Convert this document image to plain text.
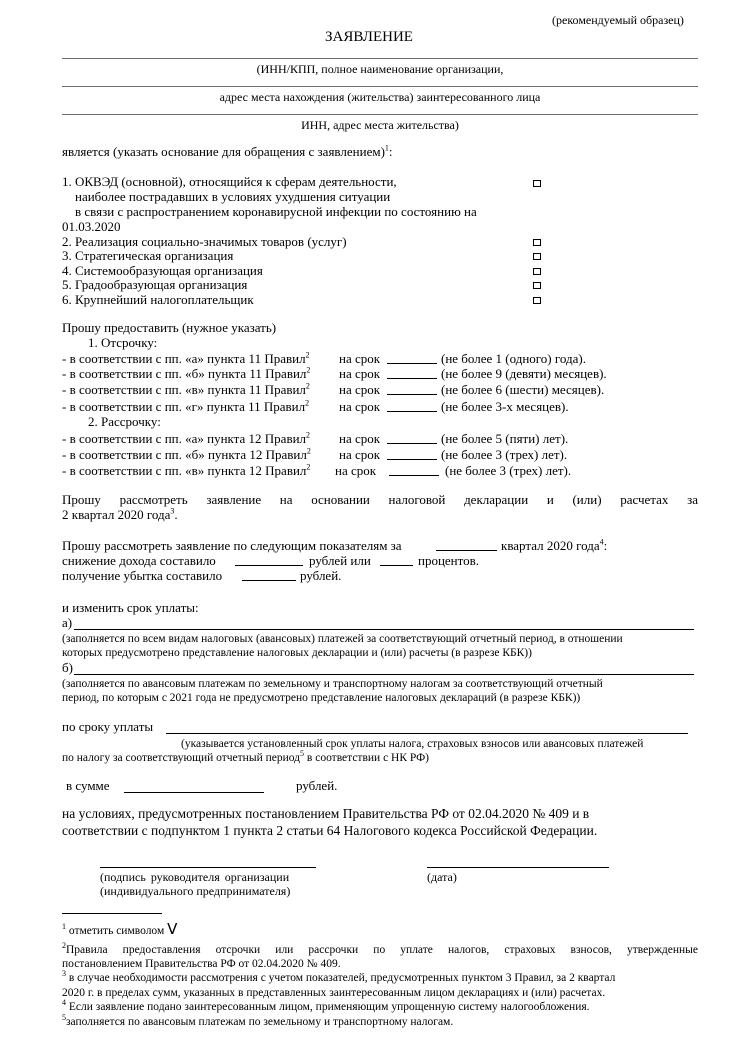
(рекомендуемый образец)
ЗАЯВЛЕНИЕ
(ИНН/КПП, полное наименование организации,
адрес места нахождения (жительства) заинтересованного лица
ИНН, адрес места жительства)
является (указать основание для обращения с заявлением)$^1$:
1. ОКВЭД (основной), относящийся к сферам деятельности,
наиболее пострадавших в условиях ухудшения ситуации
в связи с распространением коронавирусной инфекции по состоянию на
01.03.2020
2. Реализация социально-значимых товаров (услуг)
3. Стратегическая организация
4. Системообразующая организация
5. Градообразующая организация
6. Крупнейший налогоплательщик
Прошу предоставить (нужное указать)
1. Отсрочку:
- в соответствии с пп. «а» пункта 11 Правил$^2$ на срок	(не более 1 (одного) года).
- в соответствии с пп. «б» пункта 11 Правил$^2$ на срок	(не более 9 (девяти) месяцев).
- в соответствии с пп. «в» пункта 11 Правил$^2$ на срок	(не более 6 (шести) месяцев).
- в соответствии с пп. «г» пункта 11 Правил$^2$ на срок	(не более 3-х месяцев).
2. Рассрочку:
- в соответствии с пп. «а» пункта 12 Правил$^2$ на срок	(не более 5 (пяти) лет).
- в соответствии с пп. «б» пункта 12 Правил$^2$ на срок	(не более 3 (трех) лет).
- в соответствии с пп. «в» пункта 12 Правил$^2$ на срок	(не более 3 (трех) лет).
Прошу рассмотреть заявление на основании налоговой декларации и (или) расчетах за
2 квартал 2020 года$^3$.
Прошу рассмотреть заявление по следующим показателям за	квартал 2020 года$^4$:
снижение дохода составило	рублей или	процентов.
получение убытка составило	рублей.
и изменить срок уплаты:
а)
(заполняется по всем видам налоговых (авансовых) платежей за соответствующий отчетный период, в отношении
которых предусмотрено представление налоговых декларации и (или) расчеты (в разрезе КБК))
б)
(заполняется по авансовым платежам по земельному и транспортному налогам за соответствующий отчетный
период, по которым с 2021 года не предусмотрено представление налоговых деклараций (в разрезе КБК))
по сроку уплаты
(указывается установленный срок уплаты налога, страховых взносов или авансовых платежей
по налогу за соответствующий отчетный период$^5$ в соответствии с НК РФ)
в сумме	рублей.
на условиях, предусмотренных постановлением Правительства РФ от 02.04.2020 № 409 и в
соответствии с подпунктом 1 пункта 2 статьи 64 Налогового кодекса Российской Федерации.
(подпись руководителя организации
(индивидуального предпринимателя)
(дата)
$^1$ отметить символом V
$^2$Правила предоставления отсрочки или рассрочки по уплате налогов, страховых взносов, утвержденные
постановлением Правительства РФ от 02.04.2020 № 409.
$^3$ в случае необходимости рассмотрения с учетом показателей, предусмотренных пунктом 3 Правил, за 2 квартал
2020 г. в пределах сумм, указанных в представленных заинтересованным лицом декларациях и (или) расчетах.
$^4$ Если заявление подано заинтересованным лицом, применяющим упрощенную систему налогообложения.
$^5$заполняется по авансовым платежам по земельному и транспортному налогам.
